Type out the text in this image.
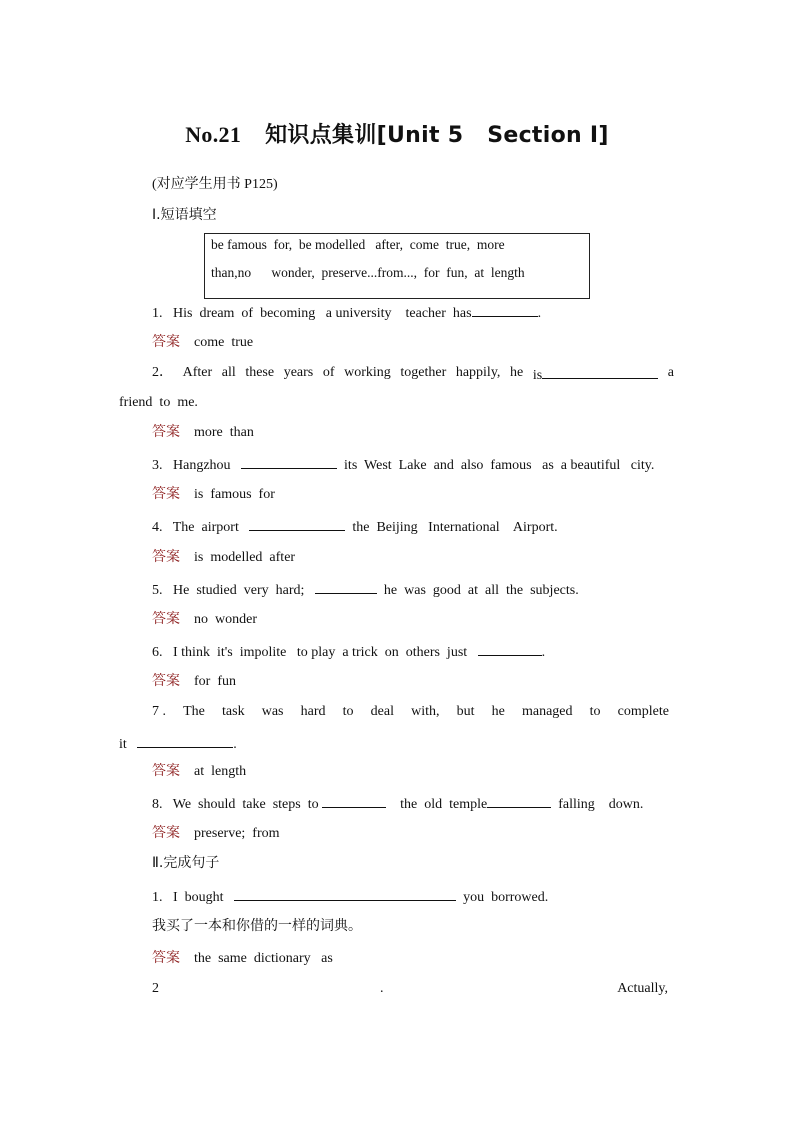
No.21 知识点集训[Unit 5   Section Ⅰ]
(对应学生用书 P125)
Ⅰ.短语填空
be famous  for,  be modelled   after,  come  true,  more
than,no      wonder,  preserve...from...,  for  fun,  at  length
1.   His  dream  of  becoming   a university    teacher  has	.
答案 come  true
2． After all these years of working together happily, he is	a
friend  to  me.
答案 more  than
3.   Hangzhou	its  West  Lake  and  also  famous   as  a beautiful   city.
答案 is  famous  for
4.   The  airport	the  Beijing   International    Airport.
答案 is  modelled  after
5.   He  studied  very  hard;	he  was  good  at  all  the  subjects.
答案 no  wonder
6.   I think  it's  impolite   to play  a trick  on  others  just	.
答案 for  fun
7 . The task was hard to deal with, but he managed to complete
it	.
答案 at  length
8.   We  should  take  steps  to	the  old  temple	falling    down.
答案 preserve;  from
Ⅱ.完成句子
1.   I  bought	you  borrowed.
我买了一本和你借的一样的词典。
答案 the  same  dictionary   as
2	.	Actually,
